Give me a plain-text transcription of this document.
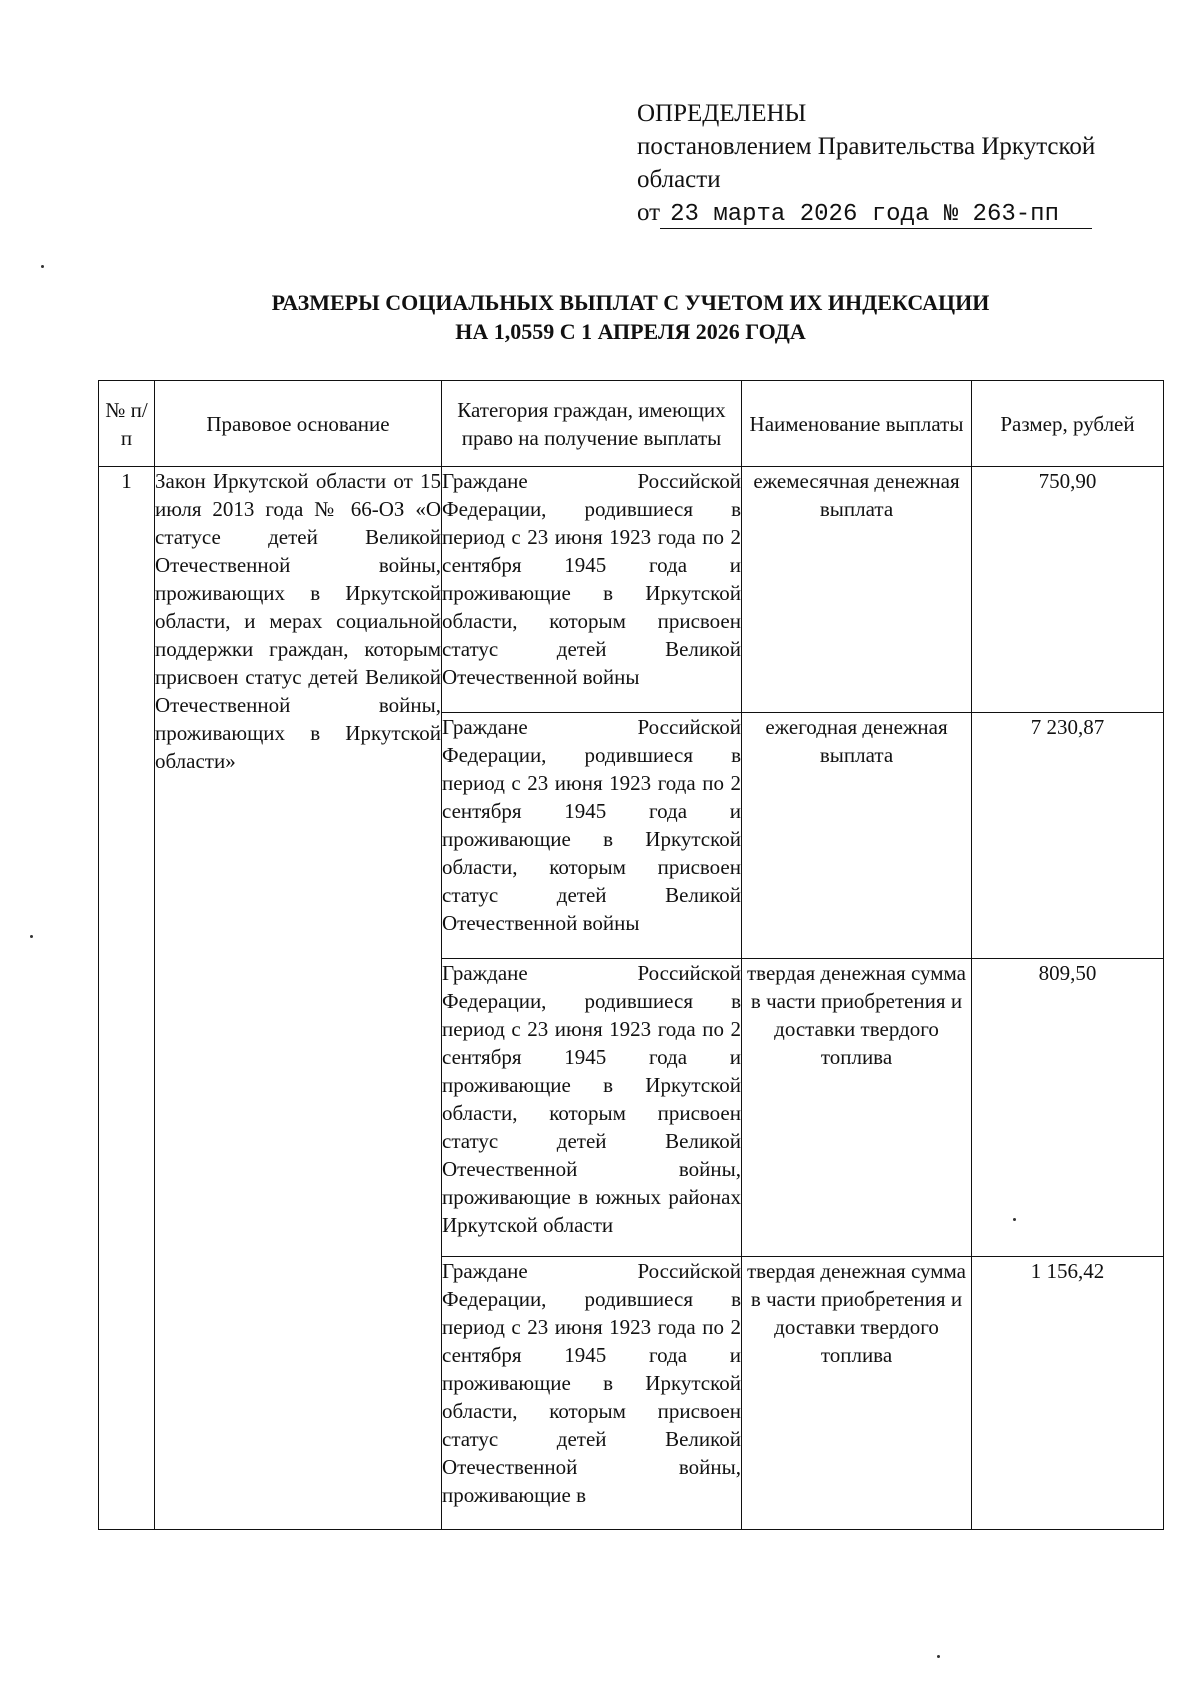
ОПРЕДЕЛЕНЫ
постановлением Правительства Иркутской
области
от 23 марта 2026 года № 263-пп
РАЗМЕРЫ СОЦИАЛЬНЫХ ВЫПЛАТ С УЧЕТОМ ИХ ИНДЕКСАЦИИ
НА 1,0559 С 1 АПРЕЛЯ 2026 ГОДА
№ п/п	Правовое основание	Категория граждан, имеющих право на получение выплаты	Наименование выплаты	Размер, рублей
1	Закон Иркутской области от 15 июля 2013 года № 66-ОЗ «О статусе детей Великой Отечественной войны, проживающих в Иркутской области, и мерах социальной поддержки граждан, которым присвоен статус детей Великой Отечественной войны, проживающих в Иркутской области»	Граждане Российской Федерации, родившиеся в период с 23 июня 1923 года по 2 сентября 1945 года и проживающие в Иркутской области, которым присвоен статус детей Великой Отечественной войны	ежемесячная денежная выплата	750,90
		Граждане Российской Федерации, родившиеся в период с 23 июня 1923 года по 2 сентября 1945 года и проживающие в Иркутской области, которым присвоен статус детей Великой Отечественной войны	ежегодная денежная выплата	7 230,87
		Граждане Российской Федерации, родившиеся в период с 23 июня 1923 года по 2 сентября 1945 года и проживающие в Иркутской области, которым присвоен статус детей Великой Отечественной войны, проживающие в южных районах Иркутской области	твердая денежная сумма в части приобретения и доставки твердого топлива	809,50
		Граждане Российской Федерации, родившиеся в период с 23 июня 1923 года по 2 сентября 1945 года и проживающие в Иркутской области, которым присвоен статус детей Великой Отечественной войны, проживающие в	твердая денежная сумма в части приобретения и доставки твердого топлива	1 156,42
